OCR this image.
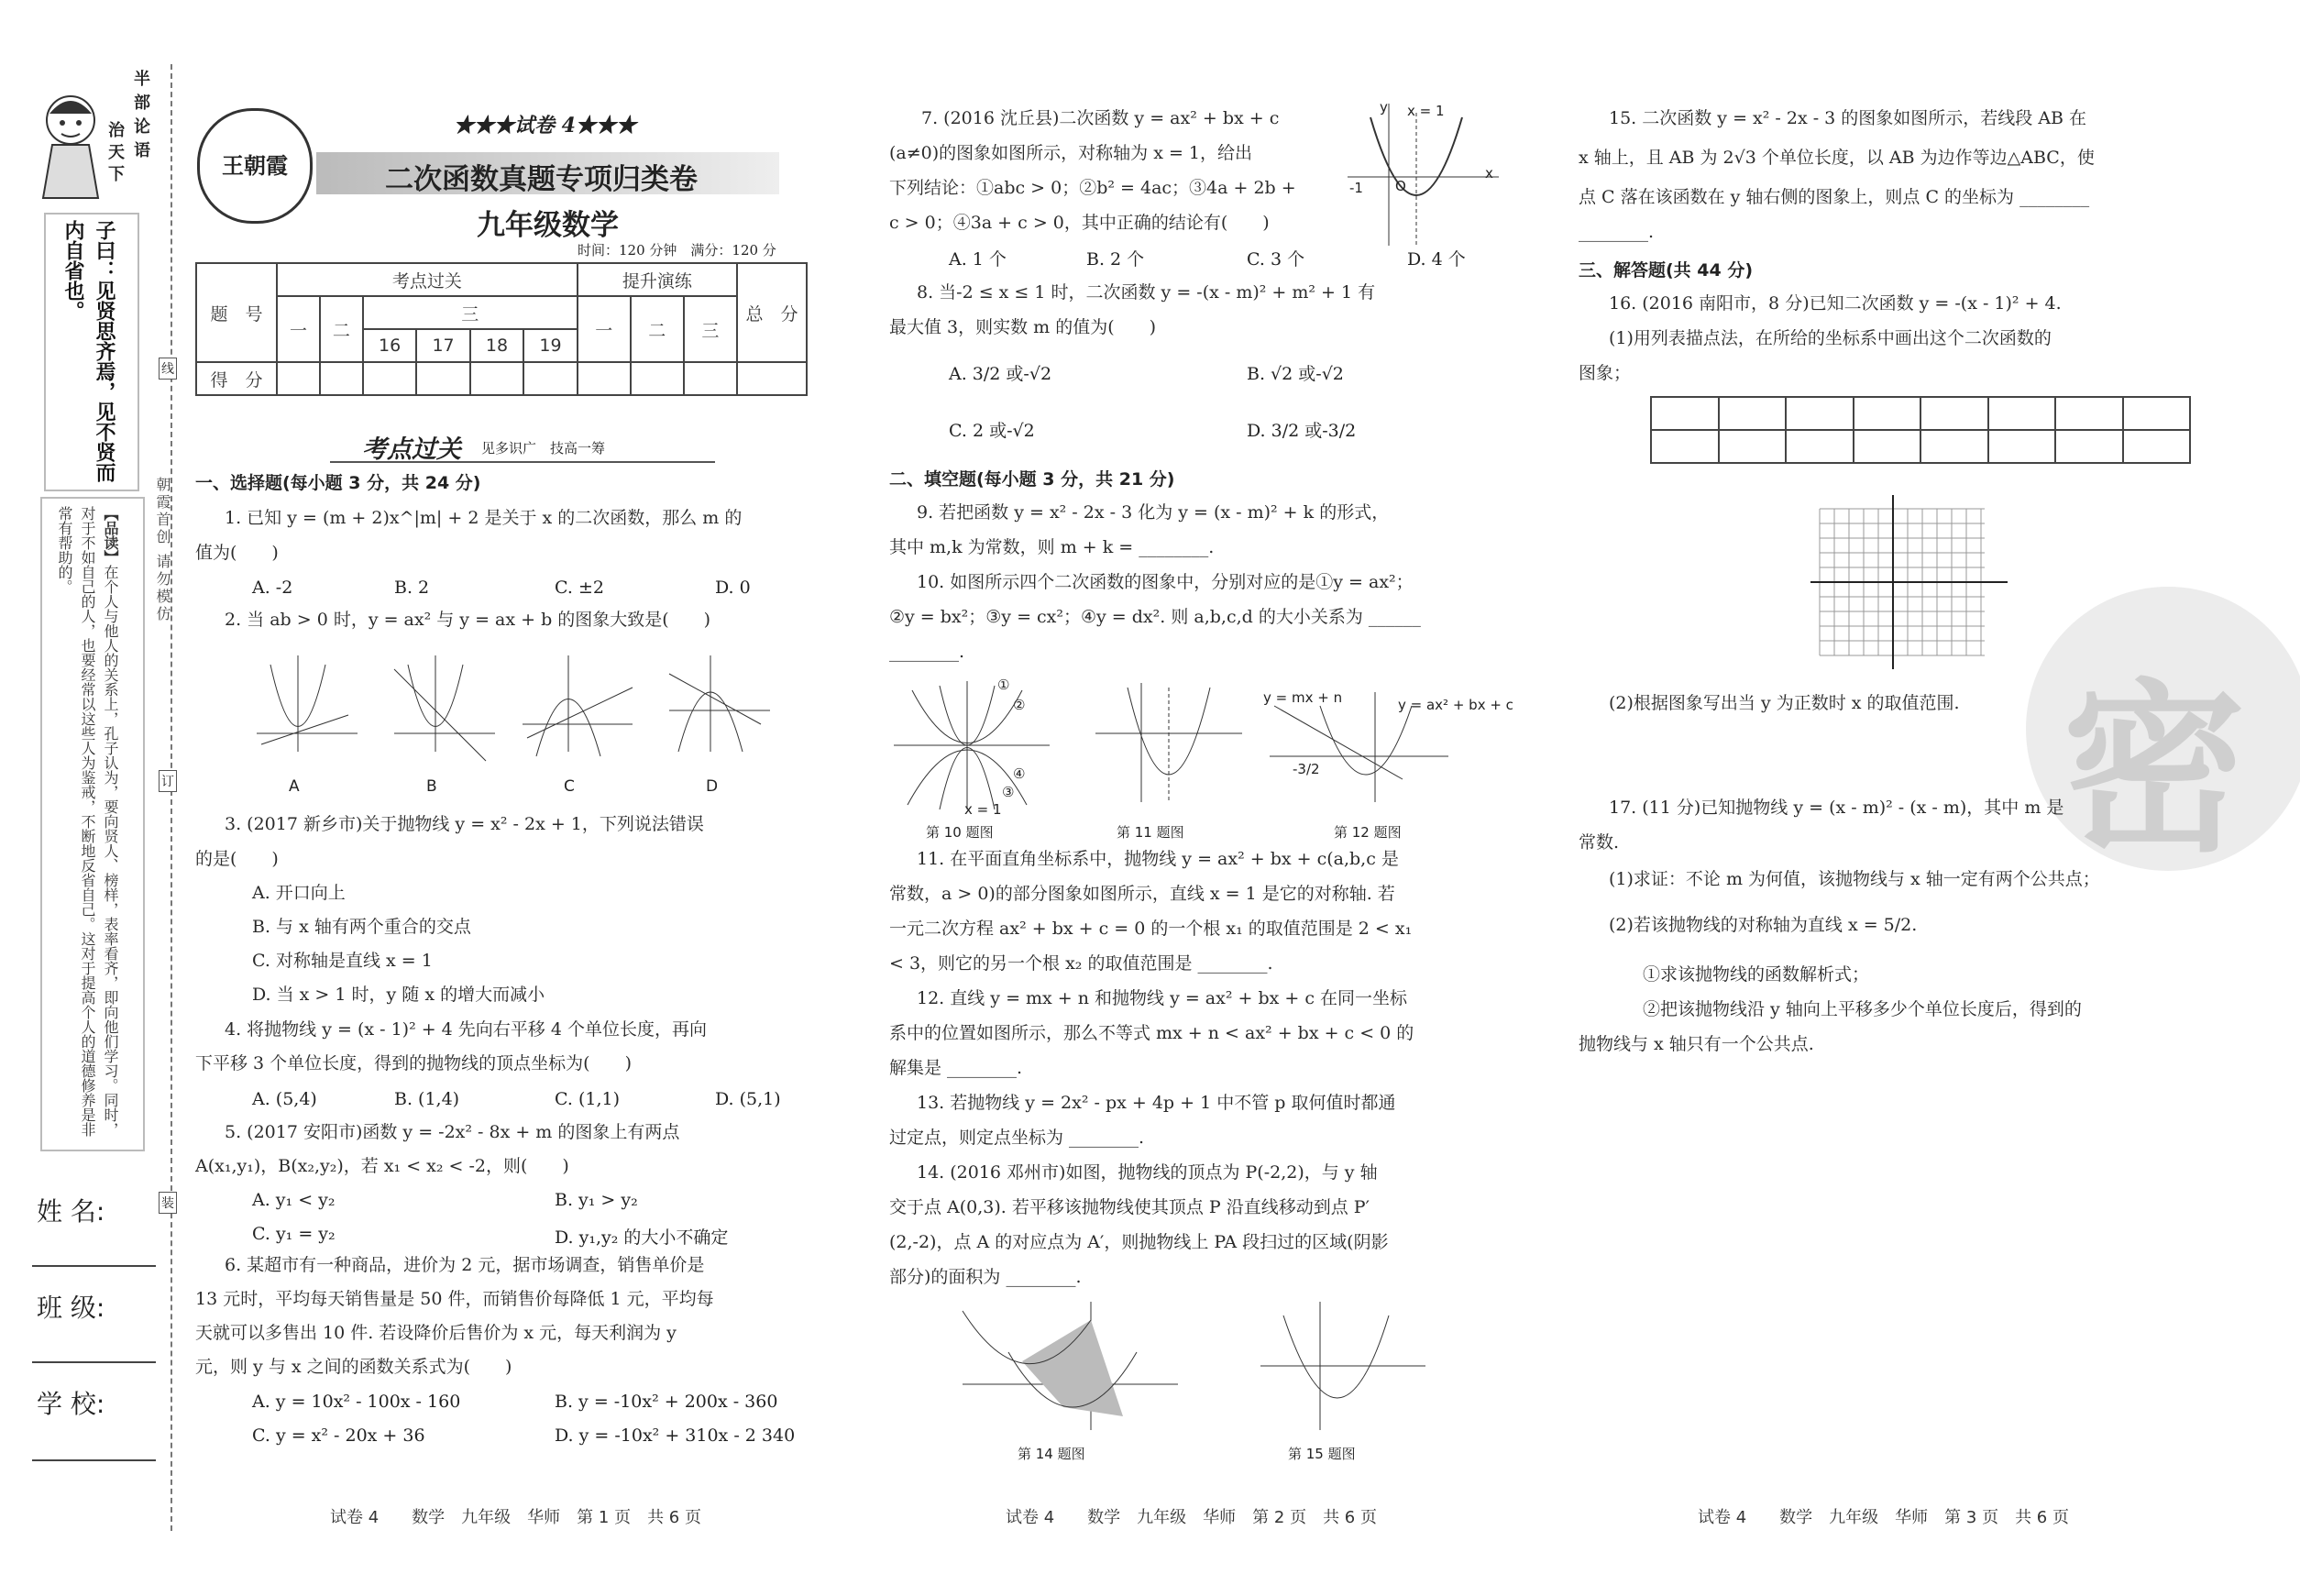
半部论语
治天下
子曰：见贤思齐焉，见不贤而内自省也。
【品读】在个人与他人的关系上，孔子认为，要向贤人、榜样，表率看齐，即向他们学习。同时，对于不如自己的人，也要经常以这些人为鉴戒，不断地反省自己。这对于提高个人的道德修养是非常有帮助的。	朝霞首创 请勿模仿
线
订
装
姓 名:
班 级:
学 校:
王朝霞
★★★试卷 4★★★
二次函数真题专项归类卷
九年级数学
时间：120 分钟　满分：120 分
题　号	考点过关						提升演练			总　分
	一	二	三				一	二	三	
			16	17	18	19				
得　分										
考点过关 见多识广　技高一筹
一、选择题(每小题 3 分，共 24 分)
1. 已知 y = (m + 2)x^|m| + 2 是关于 x 的二次函数，那么 m 的
值为(　　)
A. -2	B. 2	C. ±2	D. 0
2. 当 ab > 0 时，y = ax² 与 y = ax + b 的图象大致是(　　)
A	B	C	D
3. (2017 新乡市)关于抛物线 y = x² - 2x + 1，下列说法错误
的是(　　)
A. 开口向上
B. 与 x 轴有两个重合的交点
C. 对称轴是直线 x = 1
D. 当 x > 1 时，y 随 x 的增大而减小
4. 将抛物线 y = (x - 1)² + 4 先向右平移 4 个单位长度，再向
下平移 3 个单位长度，得到的抛物线的顶点坐标为(　　)
A. (5,4)	B. (1,4)	C. (1,1)	D. (5,1)
5. (2017 安阳市)函数 y = -2x² - 8x + m 的图象上有两点
A(x₁,y₁)，B(x₂,y₂)，若 x₁ < x₂ < -2，则(　　)
A. y₁ < y₂	B. y₁ > y₂
C. y₁ = y₂	D. y₁,y₂ 的大小不确定
6. 某超市有一种商品，进价为 2 元，据市场调查，销售单价是
13 元时，平均每天销售量是 50 件，而销售价每降低 1 元，平均每
天就可以多售出 10 件. 若设降价后售价为 x 元，每天利润为 y
元，则 y 与 x 之间的函数关系式为(　　)
A. y = 10x² - 100x - 160	B. y = -10x² + 200x - 360
C. y = x² - 20x + 36	D. y = -10x² + 310x - 2 340
试卷 4　　数学　九年级　华师　第 1 页　共 6 页
7. (2016 沈丘县)二次函数 y = ax² + bx + c
(a≠0)的图象如图所示，对称轴为 x = 1，给出
下列结论：①abc > 0；②b² = 4ac；③4a + 2b +
c > 0；④3a + c > 0，其中正确的结论有(　　)
x = 1
-1 O
x
y
A. 1 个	B. 2 个	C. 3 个	D. 4 个
8. 当-2 ≤ x ≤ 1 时，二次函数 y = -(x - m)² + m² + 1 有
最大值 3，则实数 m 的值为(　　)
A. 3/2 或-√2	B. √2 或-√2
C. 2 或-√2	D. 3/2 或-3/2
二、填空题(每小题 3 分，共 21 分)
9. 若把函数 y = x² - 2x - 3 化为 y = (x - m)² + k 的形式，
其中 m,k 为常数，则 m + k = ________.
10. 如图所示四个二次函数的图象中，分别对应的是①y = ax²；
②y = bx²；③y = cx²；④y = dx². 则 a,b,c,d 的大小关系为 ______
________.
①
②
④
③
x = 1
y = mx + n	y = ax² + bx + c
-3/2
第 10 题图	第 11 题图	第 12 题图
11. 在平面直角坐标系中，抛物线 y = ax² + bx + c(a,b,c 是
常数，a > 0)的部分图象如图所示，直线 x = 1 是它的对称轴. 若
一元二次方程 ax² + bx + c = 0 的一个根 x₁ 的取值范围是 2 < x₁
< 3，则它的另一个根 x₂ 的取值范围是 ________.
12. 直线 y = mx + n 和抛物线 y = ax² + bx + c 在同一坐标
系中的位置如图所示，那么不等式 mx + n < ax² + bx + c < 0 的
解集是 ________.
13. 若抛物线 y = 2x² - px + 4p + 1 中不管 p 取何值时都通
过定点，则定点坐标为 ________.
14. (2016 邓州市)如图，抛物线的顶点为 P(-2,2)，与 y 轴
交于点 A(0,3). 若平移该抛物线使其顶点 P 沿直线移动到点 P′
(2,-2)，点 A 的对应点为 A′，则抛物线上 PA 段扫过的区域(阴影
部分)的面积为 ________.
第 14 题图	第 15 题图
试卷 4　　数学　九年级　华师　第 2 页　共 6 页
密
15. 二次函数 y = x² - 2x - 3 的图象如图所示，若线段 AB 在
x 轴上，且 AB 为 2√3 个单位长度，以 AB 为边作等边△ABC，使
点 C 落在该函数在 y 轴右侧的图象上，则点 C 的坐标为 ________
________.
三、解答题(共 44 分)
16. (2016 南阳市，8 分)已知二次函数 y = -(x - 1)² + 4.
(1)用列表描点法，在所给的坐标系中画出这个二次函数的
图象；

(2)根据图象写出当 y 为正数时 x 的取值范围.
17. (11 分)已知抛物线 y = (x - m)² - (x - m)，其中 m 是
常数.
(1)求证：不论 m 为何值，该抛物线与 x 轴一定有两个公共点；
(2)若该抛物线的对称轴为直线 x = 5/2.
①求该抛物线的函数解析式；
②把该抛物线沿 y 轴向上平移多少个单位长度后，得到的
抛物线与 x 轴只有一个公共点.
试卷 4　　数学　九年级　华师　第 3 页　共 6 页
